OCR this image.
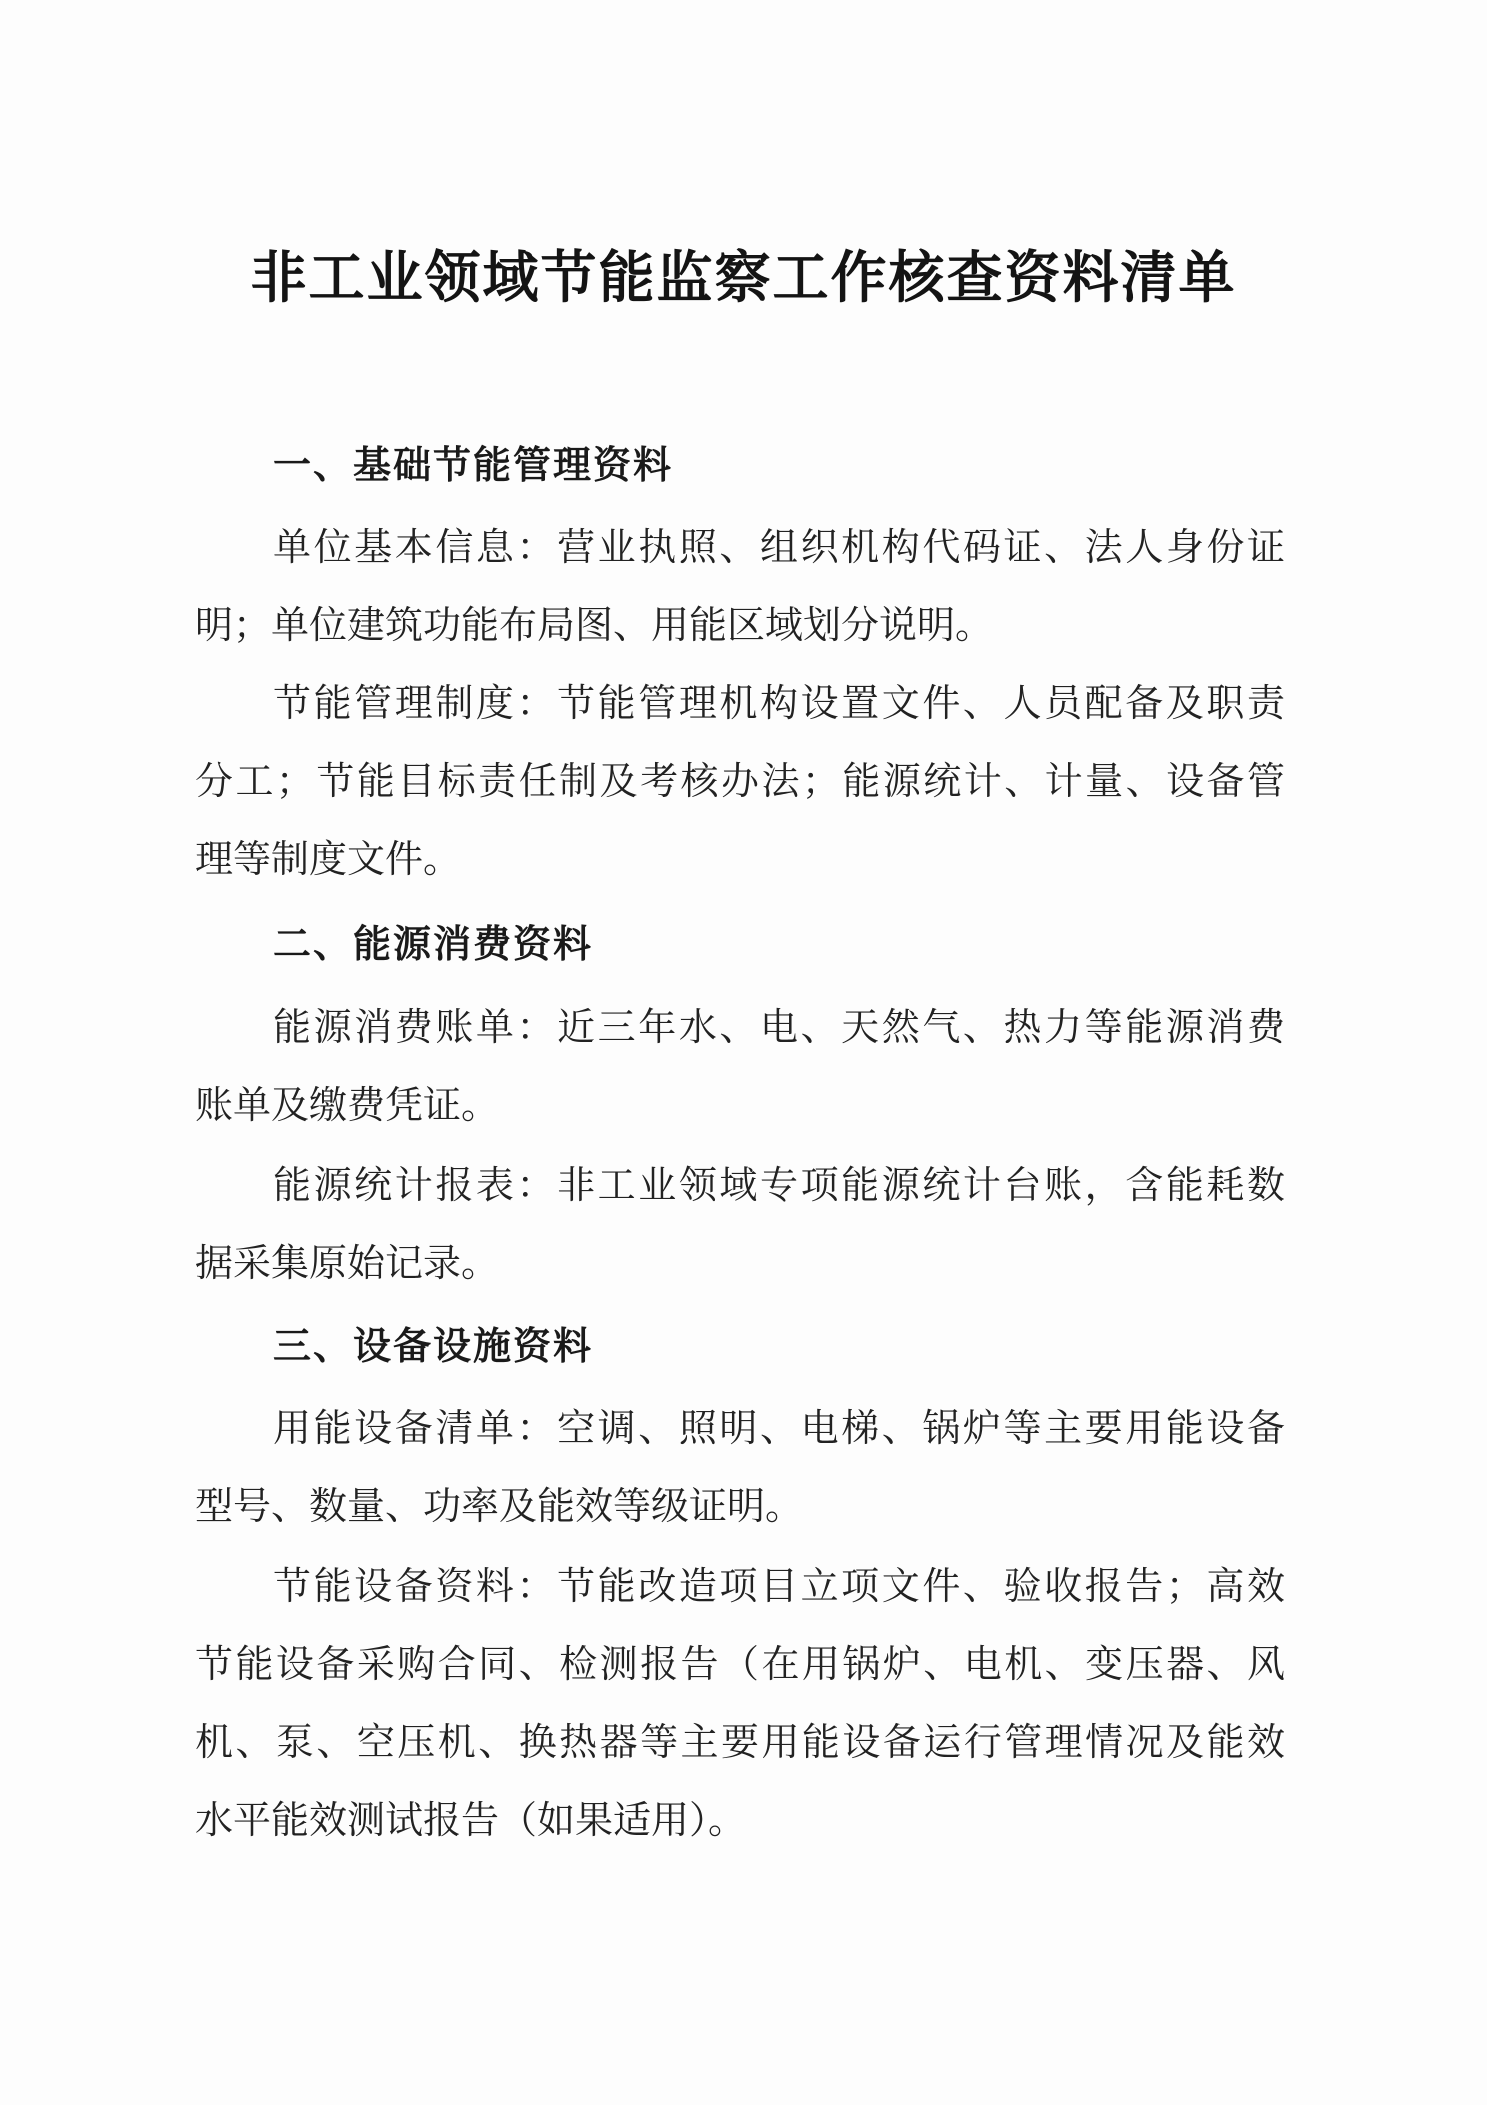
非工业领域节能监察工作核查资料清单
一、基础节能管理资料

单位基本信息：营业执照、组织机构代码证、法人身份证
明；单位建筑功能布局图、用能区域划分说明。

节能管理制度：节能管理机构设置文件、人员配备及职责
分工；节能目标责任制及考核办法；能源统计、计量、设备管
理等制度文件。

二、能源消费资料

能源消费账单：近三年水、电、天然气、热力等能源消费
账单及缴费凭证。

能源统计报表：非工业领域专项能源统计台账，含能耗数
据采集原始记录。

三、设备设施资料

用能设备清单：空调、照明、电梯、锅炉等主要用能设备
型号、数量、功率及能效等级证明。

节能设备资料：节能改造项目立项文件、验收报告；高效
节能设备采购合同、检测报告（在用锅炉、电机、变压器、风
机、泵、空压机、换热器等主要用能设备运行管理情况及能效
水平能效测试报告（如果适用）。
